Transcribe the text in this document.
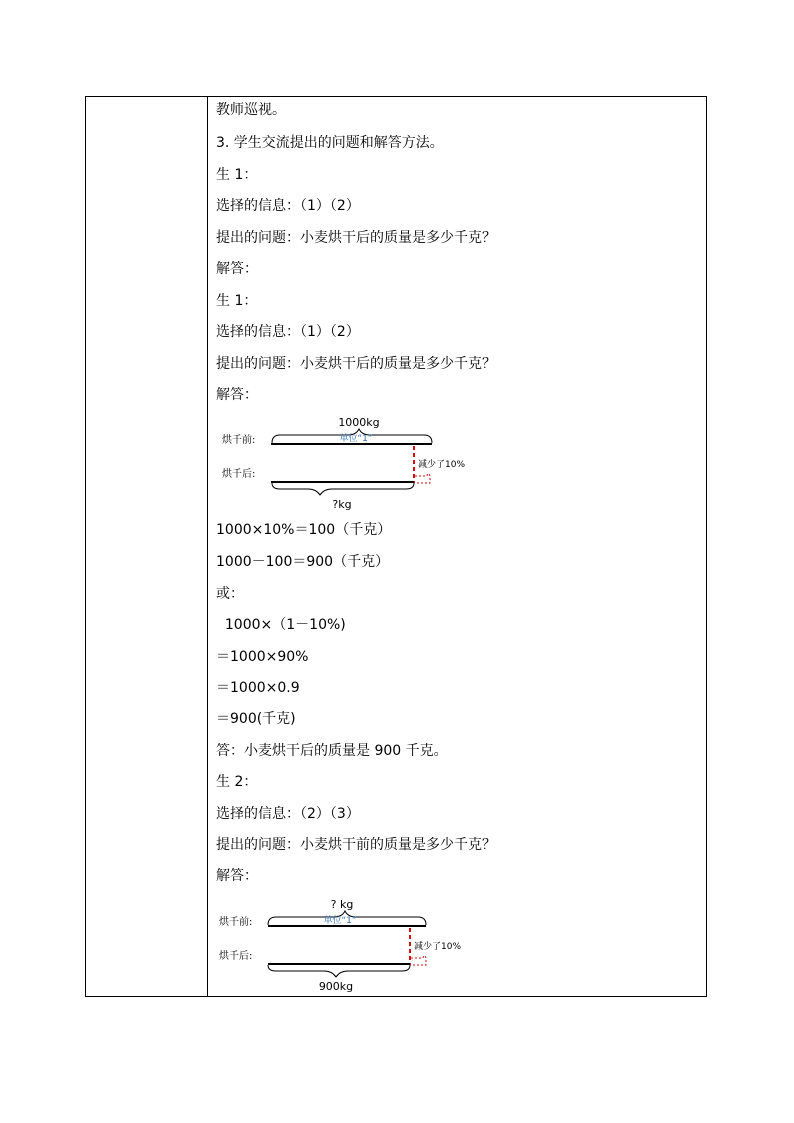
教师巡视。
3. 学生交流提出的问题和解答方法。
生 1：
选择的信息：（1）（2）
提出的问题：小麦烘干后的质量是多少千克？
解答：
生 1：
选择的信息：（1）（2）
提出的问题：小麦烘干后的质量是多少千克？
解答：
1000×10%＝100（千克）
1000－100＝900（千克）
或：
1000×（1－10%)
＝1000×90%
＝1000×0.9
＝900(千克)
答：小麦烘干后的质量是 900 千克。
生 2：
选择的信息：（2）（3）
提出的问题：小麦烘干前的质量是多少千克？
解答：
1000kg
烘千前:	单位“1”
减少了10%
烘千后:
?kg
? kg
烘千前:	单位“1”
减少了10%
烘千后:
900kg
